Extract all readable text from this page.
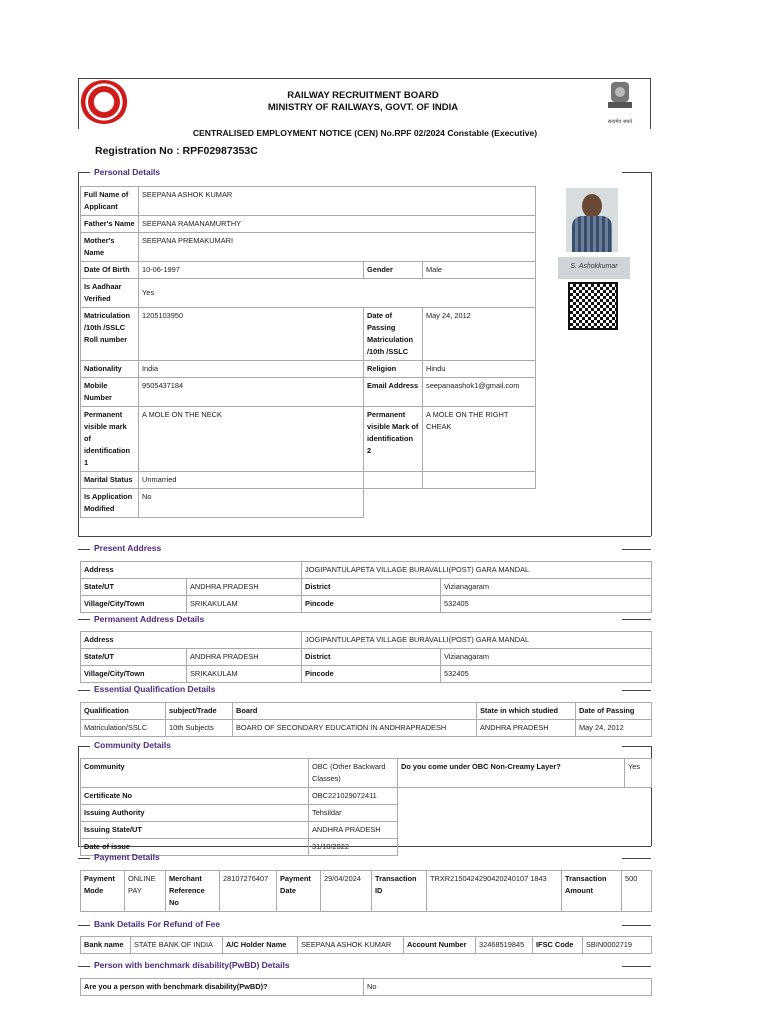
सत्यमेव जयते
RAILWAY RECRUITMENT BOARD
MINISTRY OF RAILWAYS, GOVT. OF INDIA
CENTRALISED EMPLOYMENT NOTICE (CEN) No.RPF 02/2024 Constable (Executive)
Registration No : RPF02987353C
Personal Details
Full Name of Applicant	SEEPANA ASHOK KUMAR		
Father's Name	SEEPANA RAMANAMURTHY		
Mother's Name	SEEPANA PREMAKUMARI		
Date Of Birth	10-06-1997	Gender	Male
Is Aadhaar Verified	Yes		
Matriculation /10th /SSLC Roll number	1205103950	Date of Passing Matriculation /10th /SSLC	May 24, 2012
Nationality	India	Religion	Hindu
Mobile Number	9505437184	Email Address	seepanaashok1@gmail.com
Permanent visible mark of identification 1	A MOLE ON THE NECK	Permanent visible Mark of identification 2	A MOLE ON THE RIGHT CHEAK
Marital Status	Unmarried		
Is Application Modified	No		
S. Ashokkumar
Present Address
Address		JOGIPANTULAPETA VILLAGE BURAVALLI(POST) GARA MANDAL	
State/UT	ANDHRA PRADESH	District	Vizianagaram
Village/City/Town	SRIKAKULAM	Pincode	532405
Permanent Address Details
Address		JOGIPANTULAPETA VILLAGE BURAVALLI(POST) GARA MANDAL	
State/UT	ANDHRA PRADESH	District	Vizianagaram
Village/City/Town	SRIKAKULAM	Pincode	532405
Essential Qualification Details
Qualification	subject/Trade	Board	State in which studied	Date of Passing
Matriculation/SSLC	10th Subjects	BOARD OF SECONDARY EDUCATION IN ANDHRAPRADESH	ANDHRA PRADESH	May 24, 2012
Community Details
Community	OBC (Other Backward Classes)	Do you come under OBC Non-Creamy Layer?	Yes
Certificate No	OBC221029072411		
Issuing Authority	Tehsildar		
Issuing State/UT	ANDHRA PRADESH		
Date of issue	31/10/2022		
Payment Details
Payment Mode	ONLINE PAY	Merchant Reference No	28107276407	Payment Date	29/04/2024	Transaction ID	TRXR2150424290420240107 1843	Transaction Amount	500
Bank Details For Refund of Fee
Bank name	STATE BANK OF INDIA	A/C Holder Name	SEEPANA ASHOK KUMAR	Account Number	32468519845	IFSC Code	SBIN0002719
Person with benchmark disability(PwBD) Details
Are you a person with benchmark disability(PwBD)?	No
